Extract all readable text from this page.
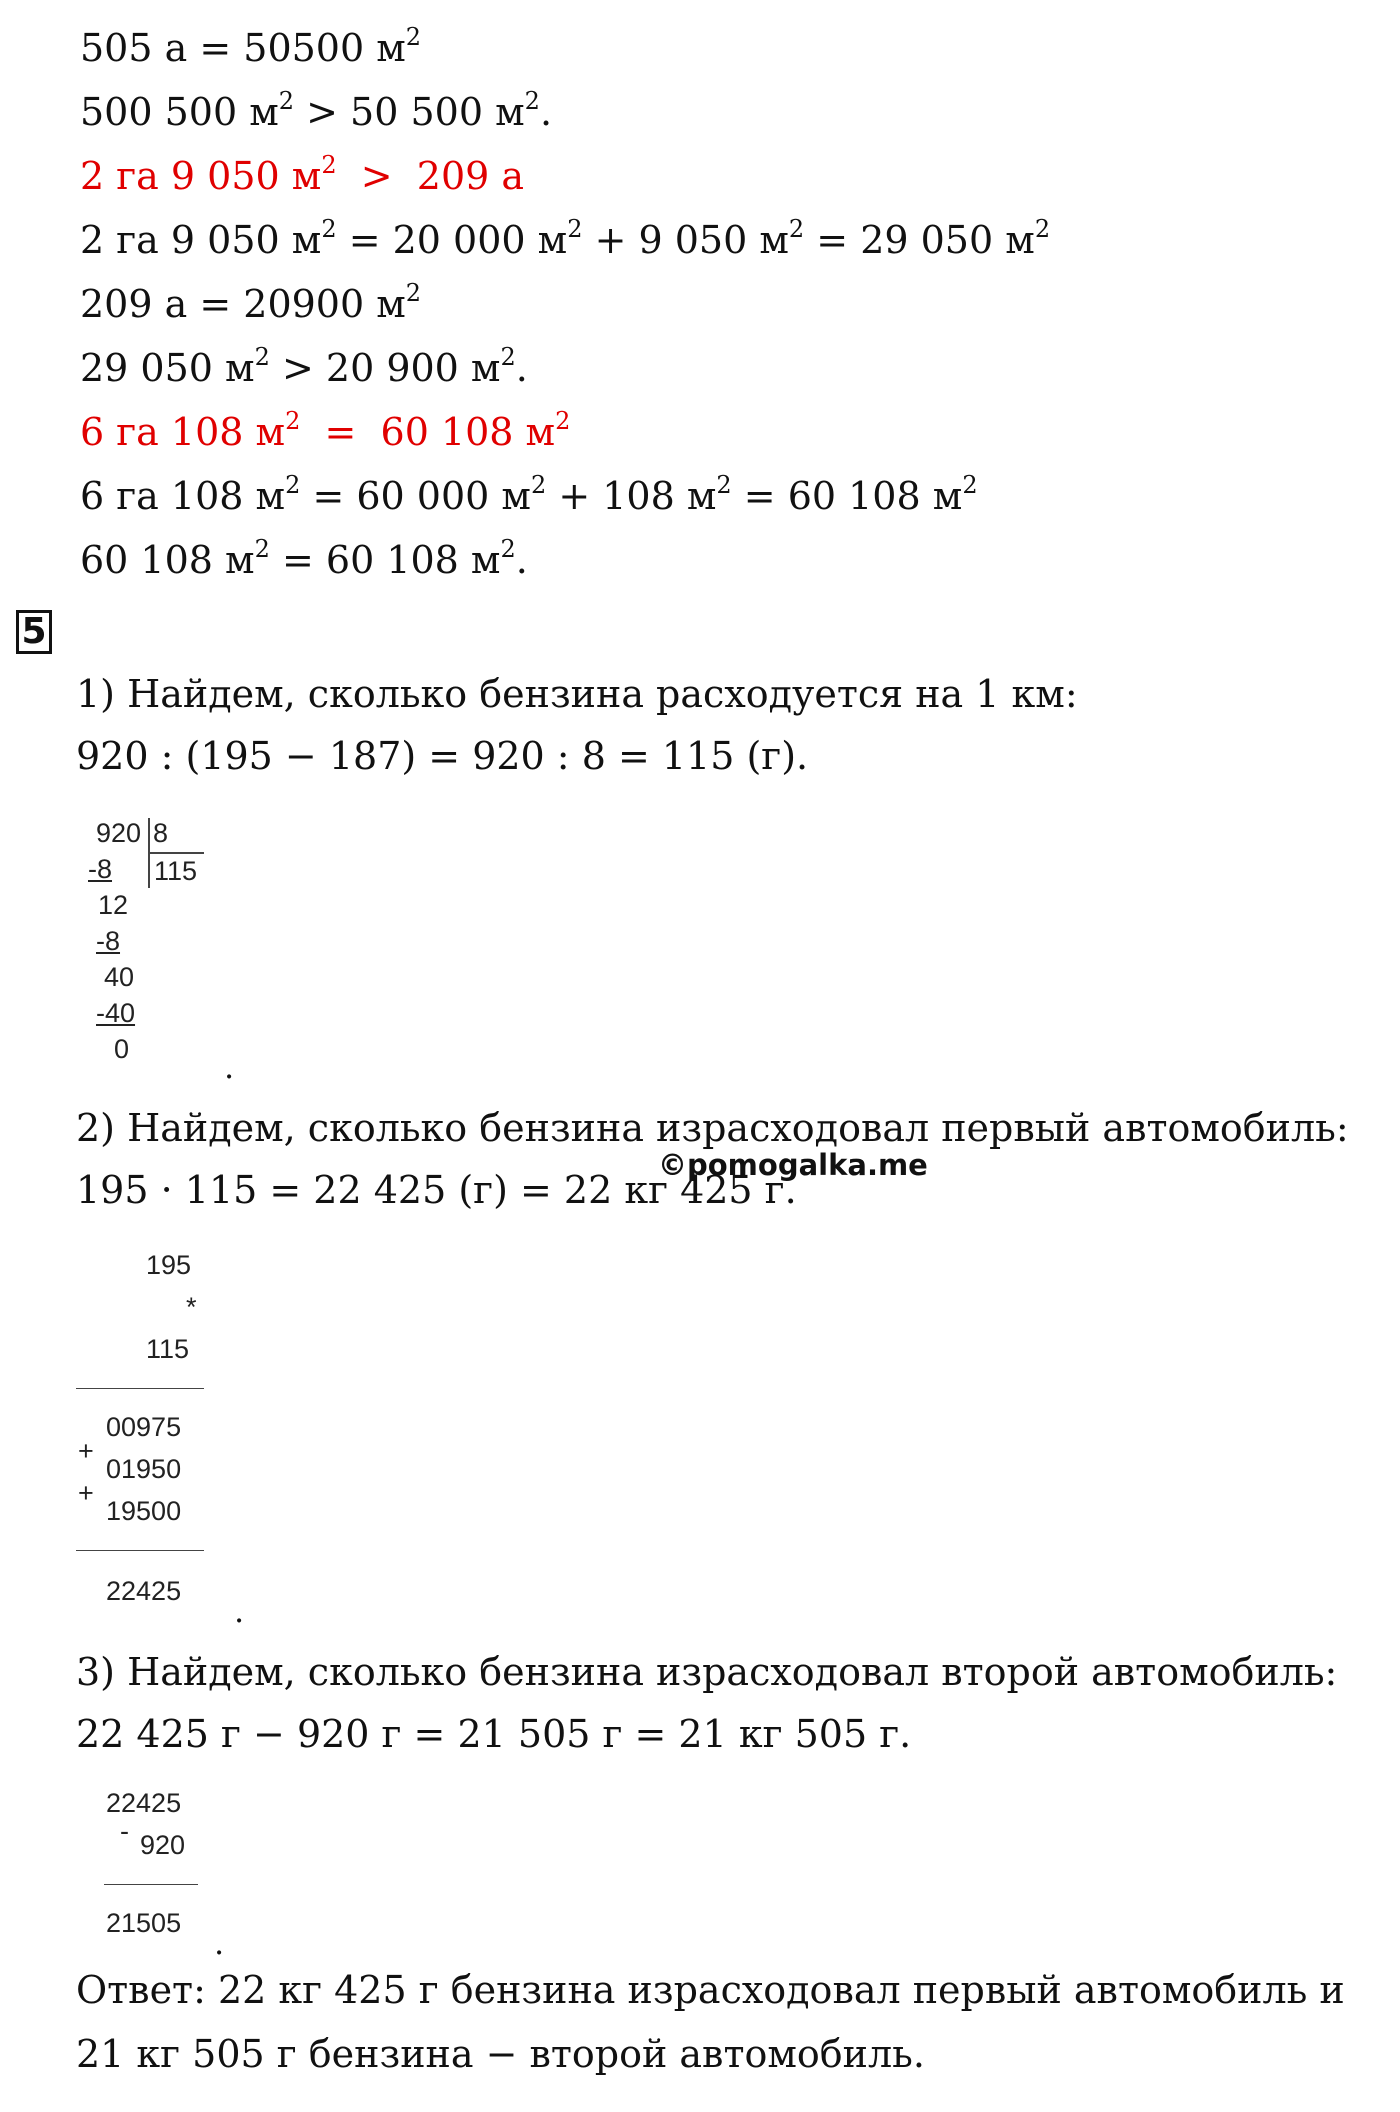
505 а = 50500 $м^2$
500 500 $м^2 > 50$ 500 $м^2$.
2 га 9 050 $м^2 > 209$ а
2 га 9 050 $м^2 = 20$ 000 $м^2 + 9$ 050 $м^2 = 29$ 050 $м^2$
209 а = 20900 $м^2$
29 050 $м^2 > 20$ 900 $м^2$.
6 га 108 $м^2 = 60$ 108 $м^2$
6 га 108 $м^2 = 60$ 000 $м^2 + 108$ $м^2 = 60$ 108 $м^2$
60 108 $м^2 = 60$ 108 $м^2$.
5
1) Найдем, сколько бензина расходуется на 1 км:
920 : (195 − 187) = 920 : 8 = 115 (г).
920 8
115
-8
12
-8
40
-40
0	.
2) Найдем, сколько бензина израсходовал первый автомобиль:
195 · 115 = 22 425 (г) = 22 кг 425 г.
©pomogalka.me
195
*
115
00975
+
01950
+
19500
22425
.
3) Найдем, сколько бензина израсходовал второй автомобиль:
22 425 г − 920 г = 21 505 г = 21 кг 505 г.
22425
- 920
21505
.
Ответ: 22 кг 425 г бензина израсходовал первый автомобиль и
21 кг 505 г бензина − второй автомобиль.
